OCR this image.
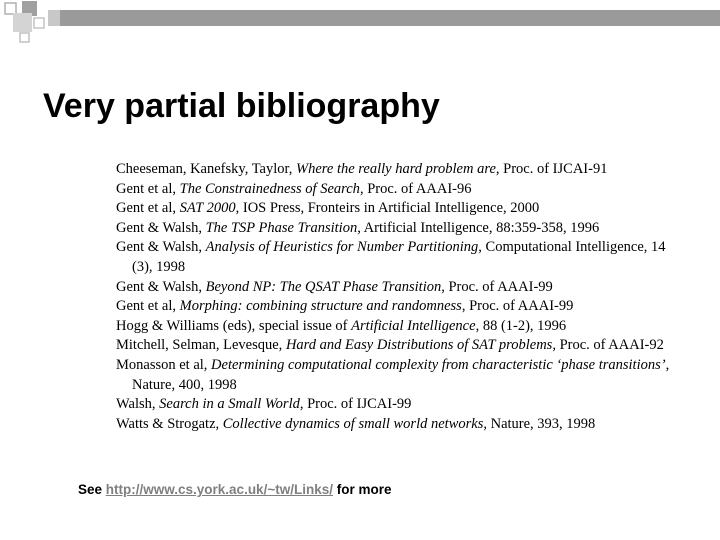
Very partial bibliography
Cheeseman, Kanefsky, Taylor, Where the really hard problem are, Proc. of IJCAI-91
Gent et al, The Constrainedness of Search, Proc. of AAAI-96
Gent et al, SAT 2000, IOS Press, Fronteirs in Artificial Intelligence, 2000
Gent & Walsh, The TSP Phase Transition, Artificial Intelligence, 88:359-358, 1996
Gent & Walsh, Analysis of Heuristics for Number Partitioning, Computational Intelligence, 14 (3), 1998
Gent & Walsh, Beyond NP: The QSAT Phase Transition, Proc. of AAAI-99
Gent et al, Morphing: combining structure and randomness, Proc. of AAAI-99
Hogg & Williams (eds), special issue of Artificial Intelligence, 88 (1-2), 1996
Mitchell, Selman, Levesque, Hard and Easy Distributions of SAT problems, Proc. of AAAI-92
Monasson et al, Determining computational complexity from characteristic ‘phase transitions’, Nature, 400, 1998
Walsh, Search in a Small World, Proc. of IJCAI-99
Watts & Strogatz, Collective dynamics of small world networks, Nature, 393, 1998
See http://www.cs.york.ac.uk/~tw/Links/ for more
